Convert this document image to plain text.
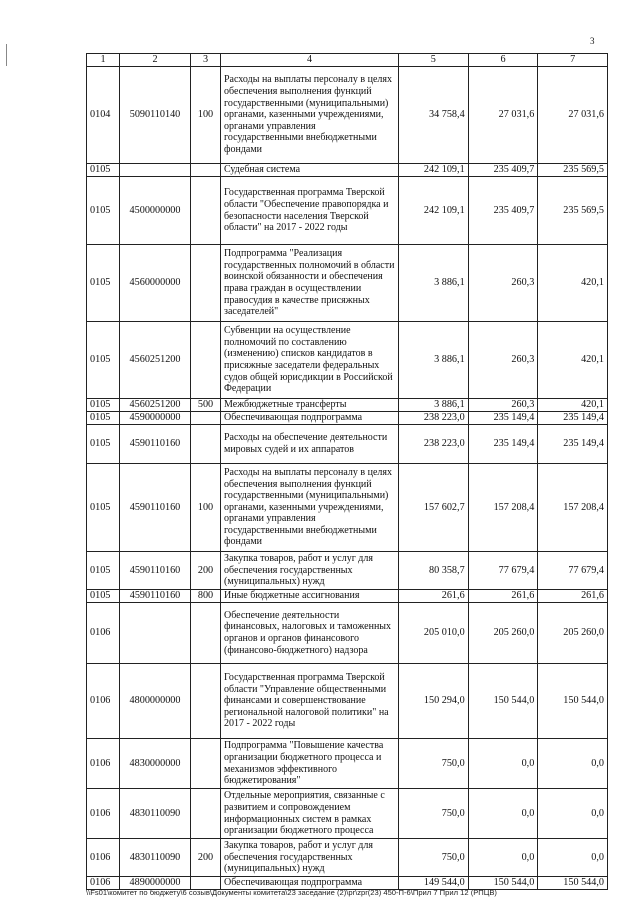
3
1	2	3	4	5	6	7
0104	5090110140	100	Расходы на выплаты персоналу в целях обеспечения выполнения функций государственными (муниципальными) органами, казенными учреждениями, органами управления государственными внебюджетными фондами	34 758,4	27 031,6	27 031,6
0105			Судебная система	242 109,1	235 409,7	235 569,5
0105	4500000000		Государственная программа Тверской области "Обеспечение правопорядка и безопасности населения Тверской области" на 2017 - 2022 годы	242 109,1	235 409,7	235 569,5
0105	4560000000		Подпрограмма "Реализация государственных полномочий в области воинской обязанности и обеспечения права граждан в осуществлении правосудия в качестве присяжных заседателей"	3 886,1	260,3	420,1
0105	4560251200		Субвенции на осуществление полномочий по составлению (изменению) списков кандидатов в присяжные заседатели федеральных судов общей юрисдикции в Российской Федерации	3 886,1	260,3	420,1
0105	4560251200	500	Межбюджетные трансферты	3 886,1	260,3	420,1
0105	4590000000		Обеспечивающая подпрограмма	238 223,0	235 149,4	235 149,4
0105	4590110160		Расходы на обеспечение деятельности мировых судей и их аппаратов	238 223,0	235 149,4	235 149,4
0105	4590110160	100	Расходы на выплаты персоналу в целях обеспечения выполнения функций государственными (муниципальными) органами, казенными учреждениями, органами управления государственными внебюджетными фондами	157 602,7	157 208,4	157 208,4
0105	4590110160	200	Закупка товаров, работ и услуг для обеспечения государственных (муниципальных) нужд	80 358,7	77 679,4	77 679,4
0105	4590110160	800	Иные бюджетные ассигнования	261,6	261,6	261,6
0106			Обеспечение деятельности финансовых, налоговых и таможенных органов и органов финансового (финансово-бюджетного) надзора	205 010,0	205 260,0	205 260,0
0106	4800000000		Государственная программа Тверской области "Управление общественными финансами и совершенствование региональной налоговой политики" на 2017 - 2022 годы	150 294,0	150 544,0	150 544,0
0106	4830000000		Подпрограмма "Повышение качества организации бюджетного процесса и механизмов эффективного бюджетирования"	750,0	0,0	0,0
0106	4830110090		Отдельные мероприятия, связанные с развитием и сопровождением информационных систем в рамках организации бюджетного процесса	750,0	0,0	0,0
0106	4830110090	200	Закупка товаров, работ и услуг для обеспечения государственных (муниципальных) нужд	750,0	0,0	0,0
0106	4890000000		Обеспечивающая подпрограмма	149 544,0	150 544,0	150 544,0
\\Fs01\комитет по бюджету\6 созыв\Документы комитета\23 заседание (2)\pr\zpr(23) 450-П-6\Прил 7 Прил 12 (РПЦВ)
